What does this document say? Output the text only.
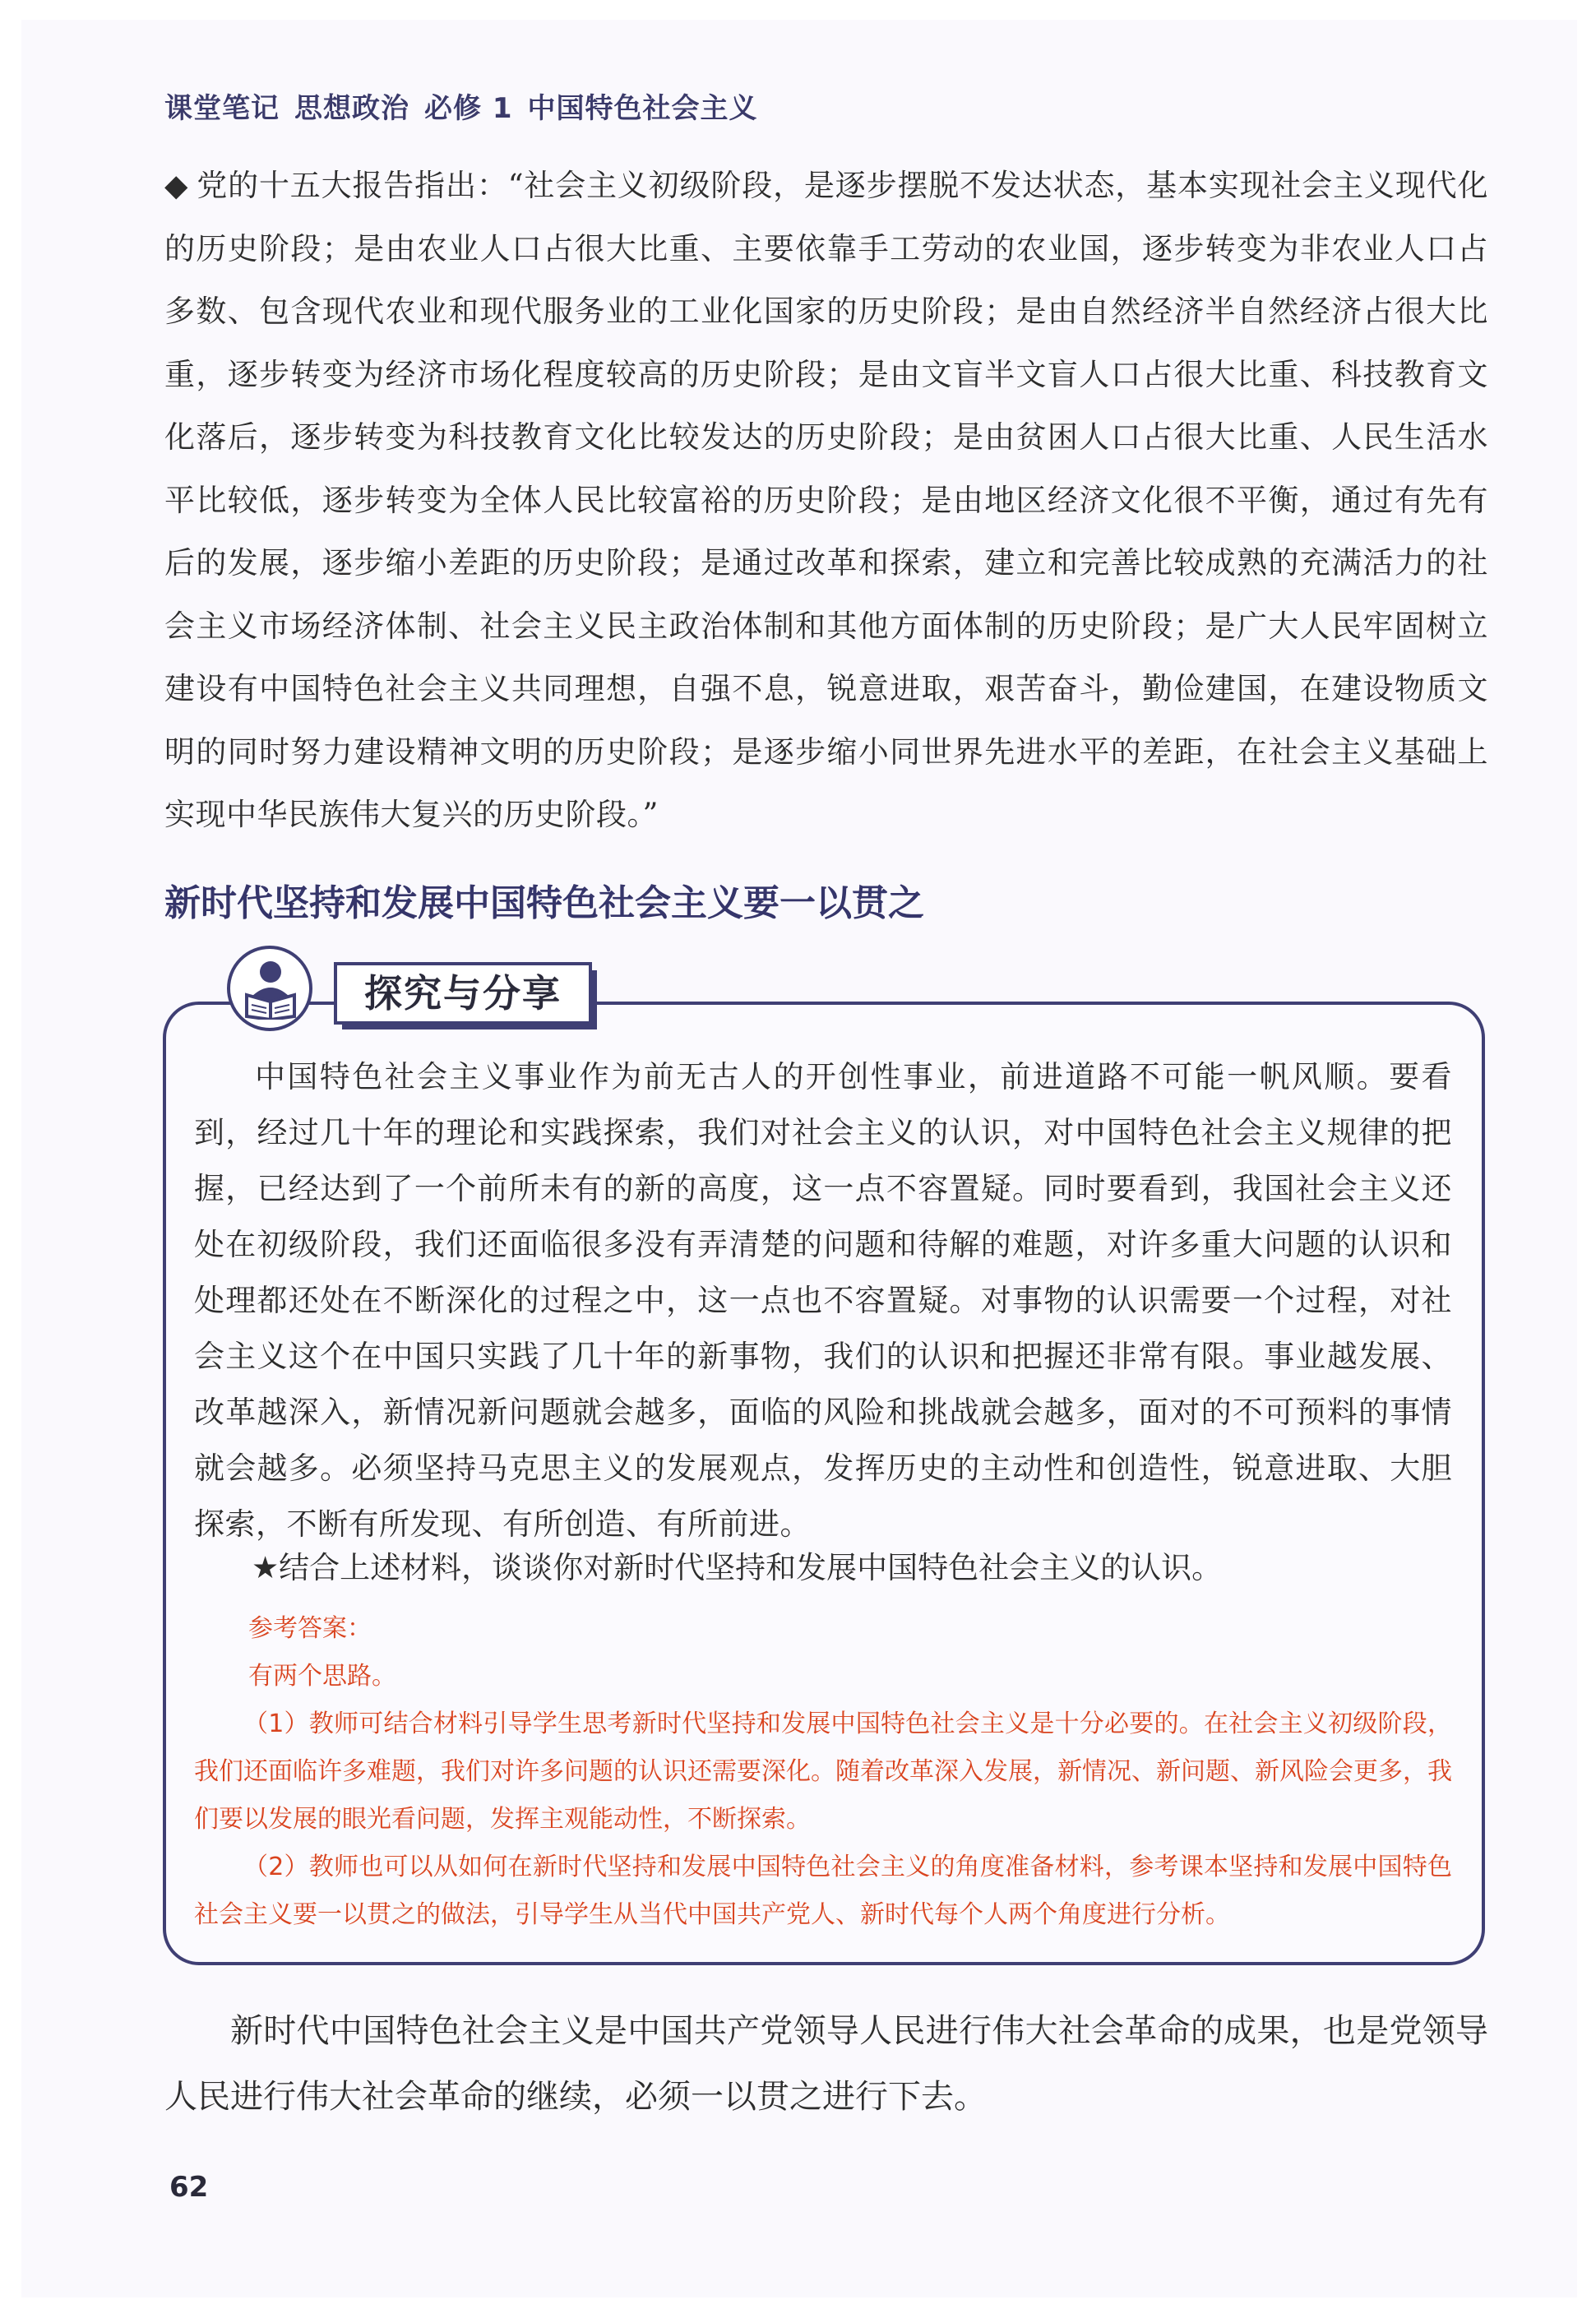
课堂笔记 思想政治 必修 1 中国特色社会主义
◆ 党的十五大报告指出：“社会主义初级阶段，是逐步摆脱不发达状态，基本实现社会主义现代化的历史阶段；是由农业人口占很大比重、主要依靠手工劳动的农业国，逐步转变为非农业人口占多数、包含现代农业和现代服务业的工业化国家的历史阶段；是由自然经济半自然经济占很大比重，逐步转变为经济市场化程度较高的历史阶段；是由文盲半文盲人口占很大比重、科技教育文化落后，逐步转变为科技教育文化比较发达的历史阶段；是由贫困人口占很大比重、人民生活水平比较低，逐步转变为全体人民比较富裕的历史阶段；是由地区经济文化很不平衡，通过有先有后的发展，逐步缩小差距的历史阶段；是通过改革和探索，建立和完善比较成熟的充满活力的社会主义市场经济体制、社会主义民主政治体制和其他方面体制的历史阶段；是广大人民牢固树立建设有中国特色社会主义共同理想，自强不息，锐意进取，艰苦奋斗，勤俭建国，在建设物质文明的同时努力建设精神文明的历史阶段；是逐步缩小同世界先进水平的差距，在社会主义基础上实现中华民族伟大复兴的历史阶段。”
新时代坚持和发展中国特色社会主义要一以贯之
探究与分享
中国特色社会主义事业作为前无古人的开创性事业，前进道路不可能一帆风顺。要看到，经过几十年的理论和实践探索，我们对社会主义的认识，对中国特色社会主义规律的把握，已经达到了一个前所未有的新的高度，这一点不容置疑。同时要看到，我国社会主义还处在初级阶段，我们还面临很多没有弄清楚的问题和待解的难题，对许多重大问题的认识和处理都还处在不断深化的过程之中，这一点也不容置疑。对事物的认识需要一个过程，对社会主义这个在中国只实践了几十年的新事物，我们的认识和把握还非常有限。事业越发展、改革越深入，新情况新问题就会越多，面临的风险和挑战就会越多，面对的不可预料的事情就会越多。必须坚持马克思主义的发展观点，发挥历史的主动性和创造性，锐意进取、大胆探索，不断有所发现、有所创造、有所前进。
★结合上述材料，谈谈你对新时代坚持和发展中国特色社会主义的认识。
参考答案：
有两个思路。
（1）教师可结合材料引导学生思考新时代坚持和发展中国特色社会主义是十分必要的。在社会主义初级阶段，我们还面临许多难题，我们对许多问题的认识还需要深化。随着改革深入发展，新情况、新问题、新风险会更多，我们要以发展的眼光看问题，发挥主观能动性，不断探索。
（2）教师也可以从如何在新时代坚持和发展中国特色社会主义的角度准备材料，参考课本坚持和发展中国特色社会主义要一以贯之的做法，引导学生从当代中国共产党人、新时代每个人两个角度进行分析。
新时代中国特色社会主义是中国共产党领导人民进行伟大社会革命的成果，也是党领导人民进行伟大社会革命的继续，必须一以贯之进行下去。
62
